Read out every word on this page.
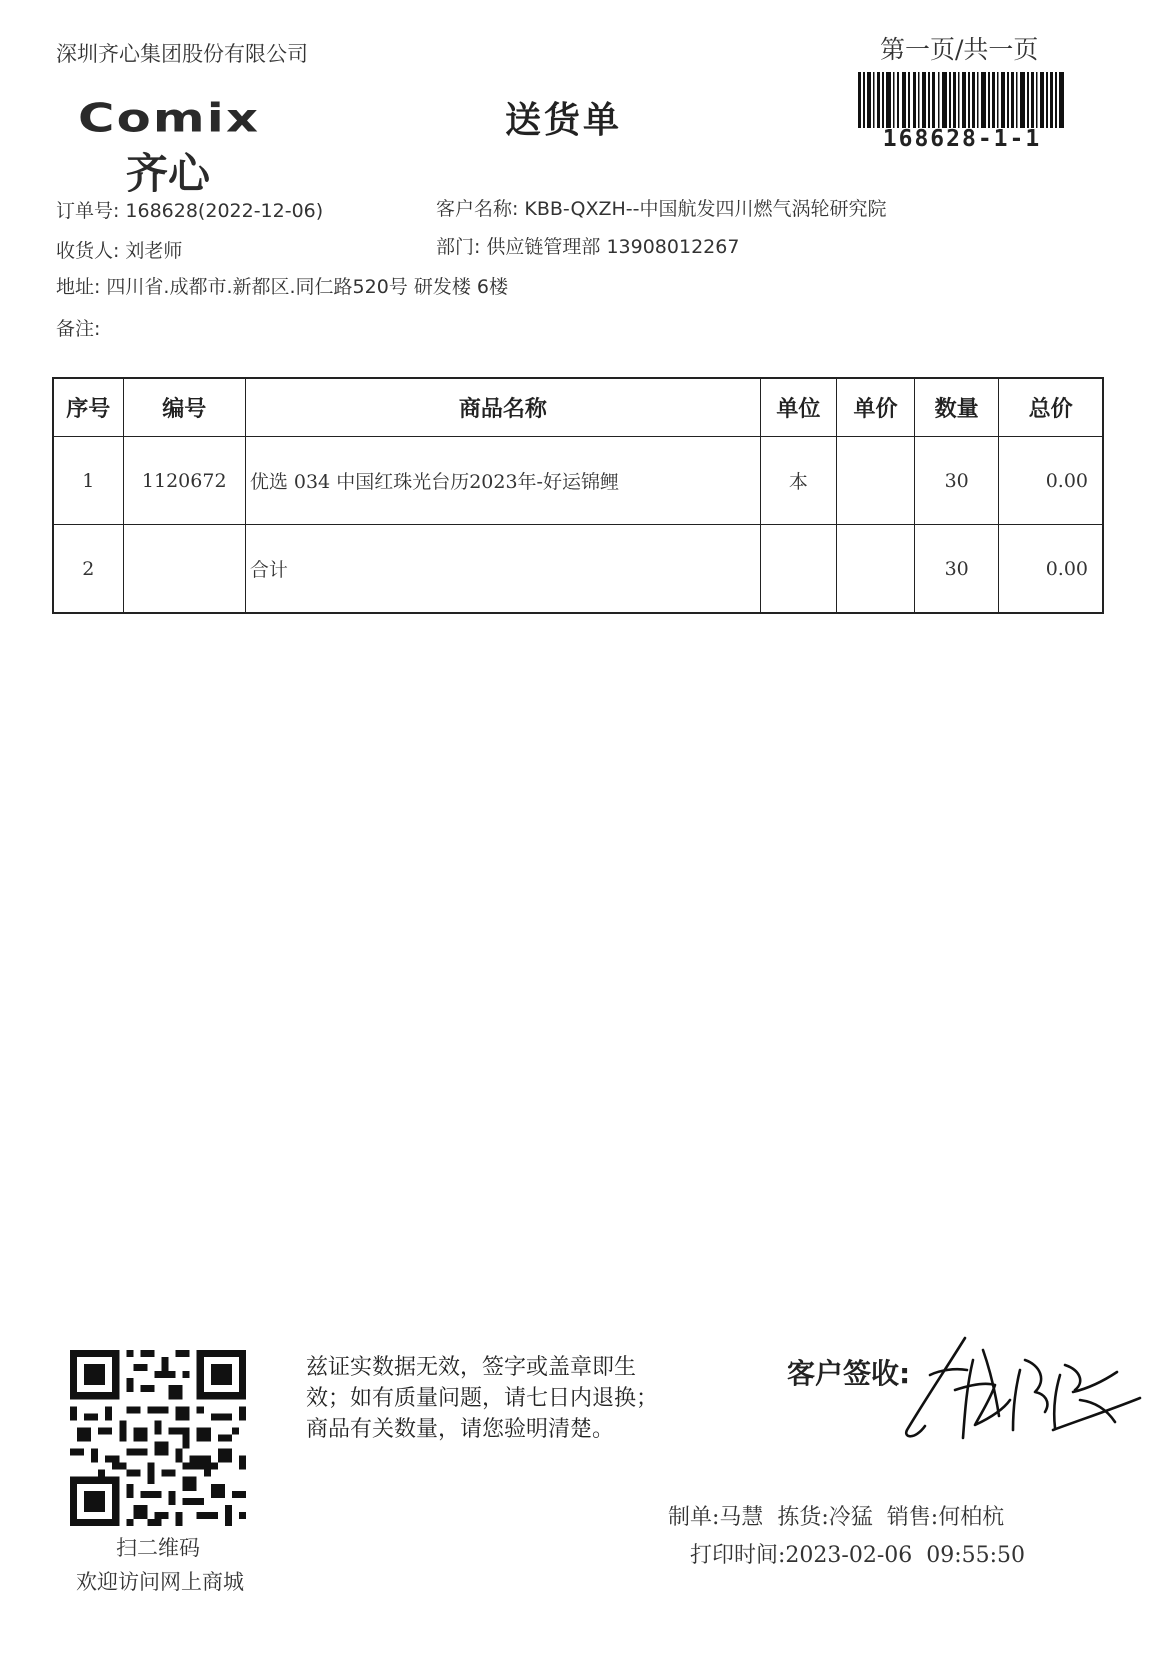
深圳齐心集团股份有限公司	第一页/共一页
168628-1-1
Comix
齐心
送货单
订单号: 168628(2022-12-06)	客户名称: KBB-QXZH--中国航发四川燃气涡轮研究院
收货人: 刘老师	部门: 供应链管理部 13908012267
地址: 四川省.成都市.新都区.同仁路520号 研发楼 6楼
备注:
序号	编号	商品名称	单位	单价	数量	总价
1	1120672	优选 034 中国红珠光台历2023年-好运锦鲤	本		30	0.00
2		合计			30	0.00
扫二维码
欢迎访问网上商城
兹证实数据无效，签字或盖章即生
效；如有质量问题，请七日内退换；
商品有关数量，请您验明清楚。
客户签收:
制单:马慧  拣货:冷猛  销售:何柏杭
打印时间:2023-02-06  09:55:50
